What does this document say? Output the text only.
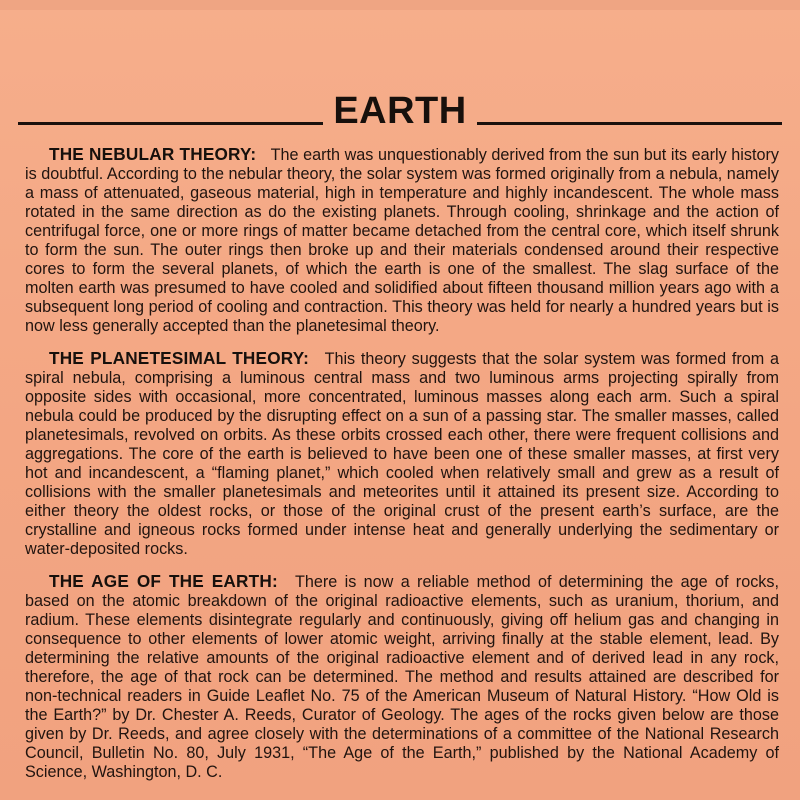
EARTH

THE NEBULAR THEORY: The earth was unquestionably derived from the sun but its early history is doubtful. According to the nebular theory, the solar system was formed originally from a nebula, namely a mass of attenuated, gaseous material, high in temperature and highly incandescent. The whole mass rotated in the same direction as do the existing planets. Through cooling, shrinkage and the action of centrifugal force, one or more rings of matter became detached from the central core, which itself shrunk to form the sun. The outer rings then broke up and their materials condensed around their respective cores to form the several planets, of which the earth is one of the smallest. The slag surface of the molten earth was presumed to have cooled and solidified about fifteen thousand million years ago with a subsequent long period of cooling and contraction. This theory was held for nearly a hundred years but is now less generally accepted than the planetesimal theory.

THE PLANETESIMAL THEORY: This theory suggests that the solar system was formed from a spiral nebula, comprising a luminous central mass and two luminous arms projecting spirally from opposite sides with occasional, more concentrated, luminous masses along each arm. Such a spiral nebula could be produced by the disrupting effect on a sun of a passing star. The smaller masses, called planetesimals, revolved on orbits. As these orbits crossed each other, there were frequent collisions and aggregations. The core of the earth is believed to have been one of these smaller masses, at first very hot and incandescent, a “flaming planet,” which cooled when relatively small and grew as a result of collisions with the smaller planetesimals and meteorites until it attained its present size. According to either theory the oldest rocks, or those of the original crust of the present earth’s surface, are the crystalline and igneous rocks formed under intense heat and generally underlying the sedimentary or water-deposited rocks.

THE AGE OF THE EARTH: There is now a reliable method of determining the age of rocks, based on the atomic breakdown of the original radioactive elements, such as uranium, thorium, and radium. These elements disintegrate regularly and continuously, giving off helium gas and changing in consequence to other elements of lower atomic weight, arriving finally at the stable element, lead. By determining the relative amounts of the original radioactive element and of derived lead in any rock, therefore, the age of that rock can be determined. The method and results attained are described for non-technical readers in Guide Leaflet No. 75 of the American Museum of Natural History. “How Old is the Earth?” by Dr. Chester A. Reeds, Curator of Geology. The ages of the rocks given below are those given by Dr. Reeds, and agree closely with the determinations of a committee of the National Research Council, Bulletin No. 80, July 1931, “The Age of the Earth,” published by the National Academy of Science, Washington, D. C.
